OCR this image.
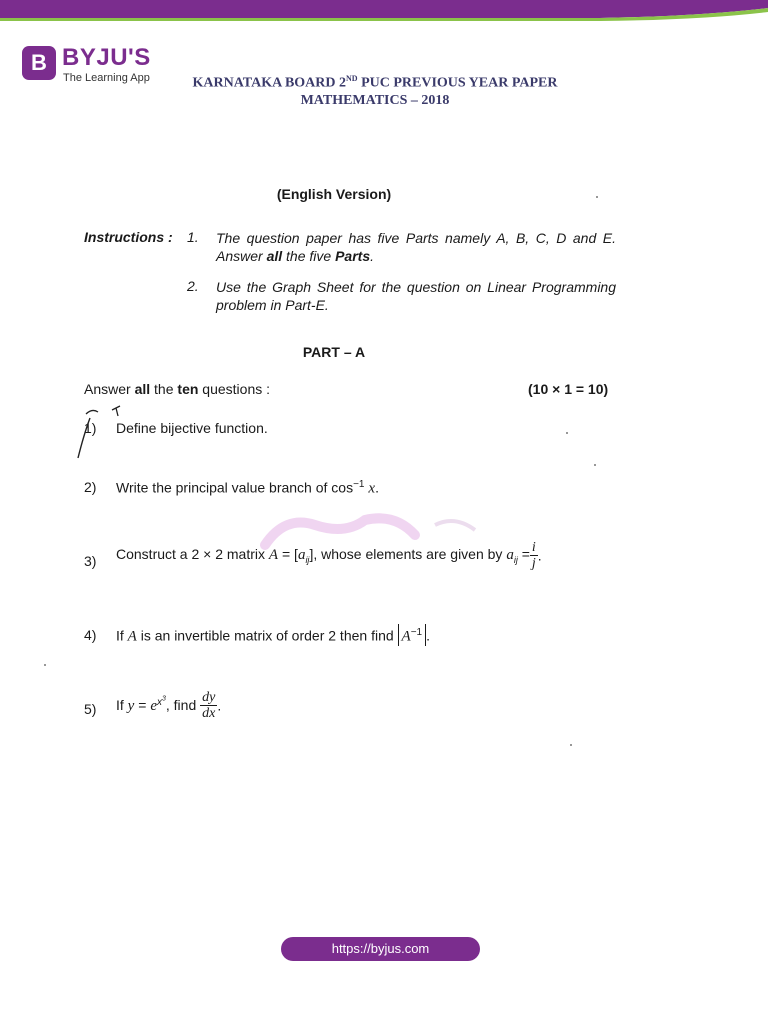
B BYJU'S
The Learning App	KARNATAKA BOARD 2ND PUC PREVIOUS YEAR PAPER
MATHEMATICS – 2018
(English Version)
Instructions : 1. The question paper has five Parts namely A, B, C, D and E. Answer all the five Parts.
2. Use the Graph Sheet for the question on Linear Programming problem in Part-E.
PART – A
Answer all the ten questions :	(10 × 1 = 10)
1) Define bijective function.
2) Write the principal value branch of $\cos^{-1} x$.
3) Construct a 2 × 2 matrix $A = [a_{ij}]$, whose elements are given by $a_{ij} = \frac{i}{j}$ .
4) If A is an invertible matrix of order 2 then find $A^{-1}$ .
5) If $y = e^{x^3}$, find $\frac{dy}{dx}$ .
https://byjus.com
